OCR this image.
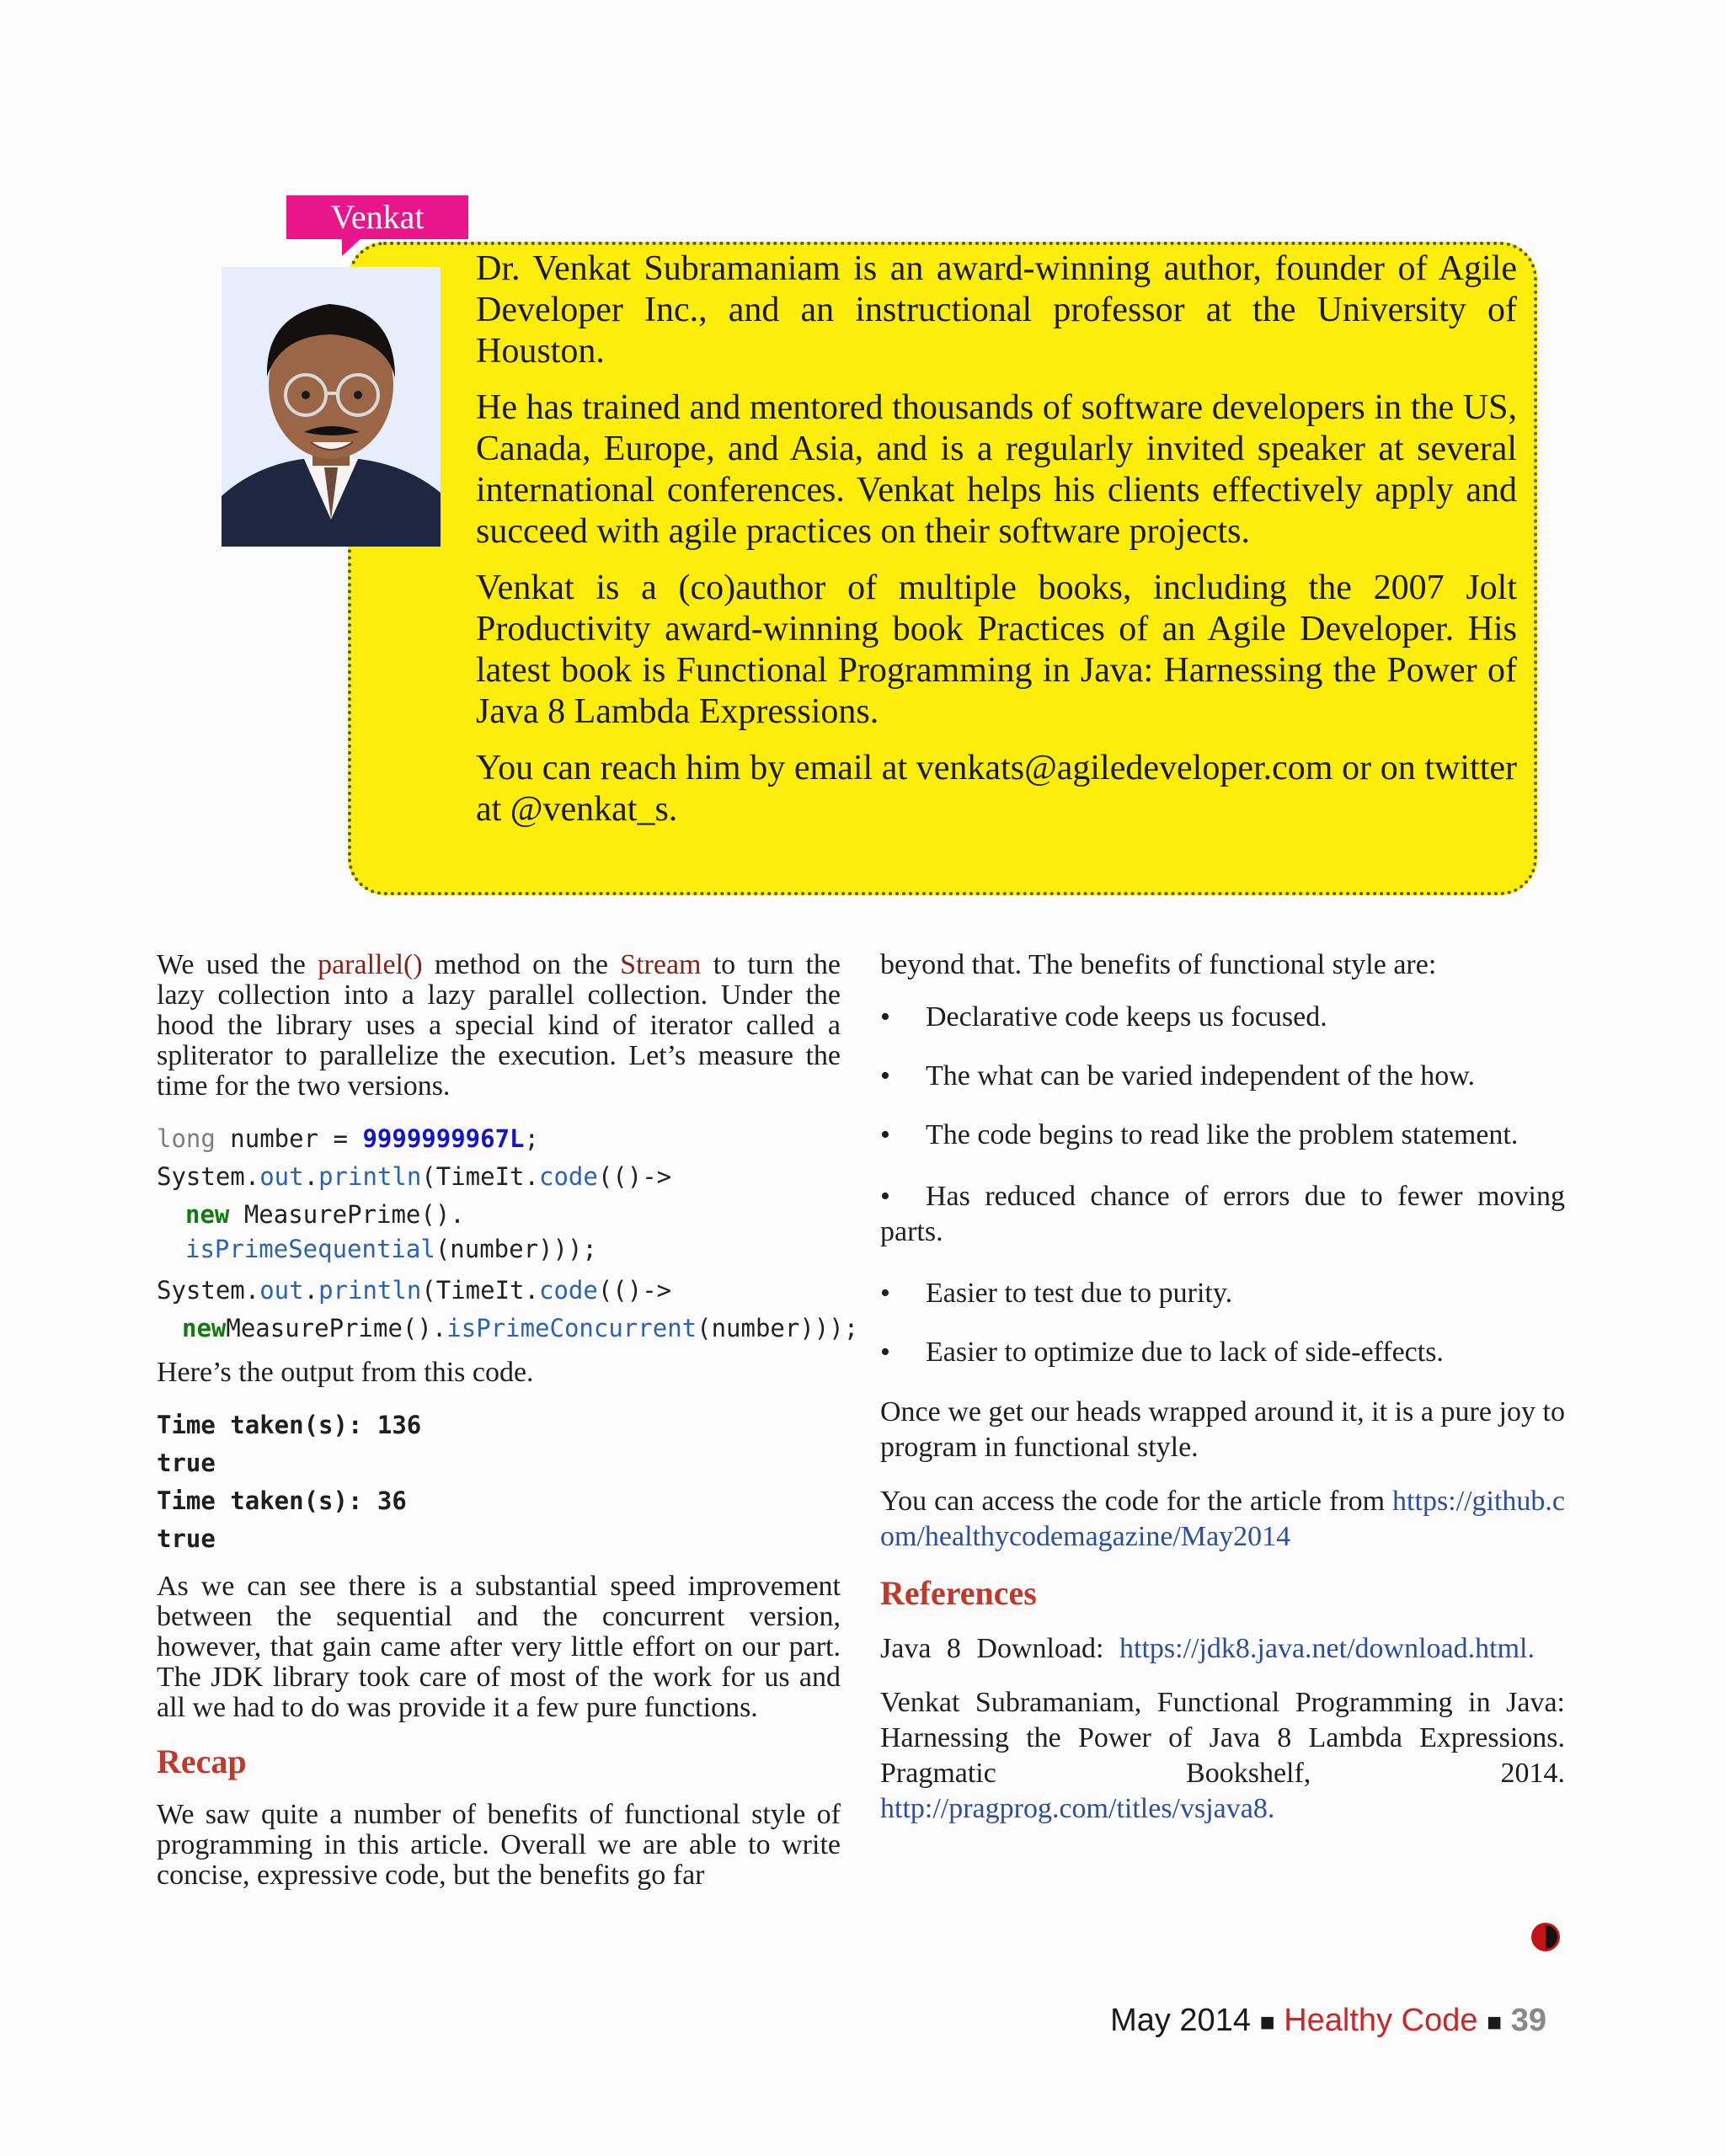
Venkat

Dr. Venkat Subramaniam is an award-winning author, founder of Agile Developer Inc., and an instructional professor at the University of Houston.

He has trained and mentored thousands of software developers in the US, Canada, Europe, and Asia, and is a regularly invited speaker at several international conferences. Venkat helps his clients effectively apply and succeed with agile practices on their software projects.

Venkat is a (co)author of multiple books, including the 2007 Jolt Productivity award-winning book Practices of an Agile Developer. His latest book is Functional Programming in Java: Harnessing the Power of Java 8 Lambda Expressions.

You can reach him by email at venkats@agiledeveloper.com or on twitter at @venkat_s.

We used the parallel() method on the Stream to turn the lazy collection into a lazy parallel collection. Under the hood the library uses a special kind of iterator called a spliterator to parallelize the execution. Let’s measure the time for the two versions.

long number = 9999999967L;
System.out.println(TimeIt.code(()->
new MeasurePrime().
isPrimeSequential(number)));
System.out.println(TimeIt.code(()->
newMeasurePrime().isPrimeConcurrent(number)));

Here’s the output from this code.

Time taken(s): 136
true
Time taken(s): 36
true

As we can see there is a substantial speed improvement between the sequential and the concurrent version, however, that gain came after very little effort on our part. The JDK library took care of most of the work for us and all we had to do was provide it a few pure functions.

Recap

We saw quite a number of benefits of functional style of programming in this article. Overall we are able to write concise, expressive code, but the benefits go far

beyond that. The benefits of functional style are:

• Declarative code keeps us focused.
• The what can be varied independent of the how.
• The code begins to read like the problem statement.
• Has reduced chance of errors due to fewer moving parts.
• Easier to test due to purity.
• Easier to optimize due to lack of side-effects.

Once we get our heads wrapped around it, it is a pure joy to program in functional style.

You can access the code for the article from https://github.com/healthycodemagazine/May2014

References

Java 8 Download: https://jdk8.java.net/download.html.

Venkat Subramaniam, Functional Programming in Java: Harnessing the Power of Java 8 Lambda Expressions. Pragmatic Bookshelf, 2014. http://pragprog.com/titles/vsjava8.

May 2014 ■ Healthy Code ■ 39
